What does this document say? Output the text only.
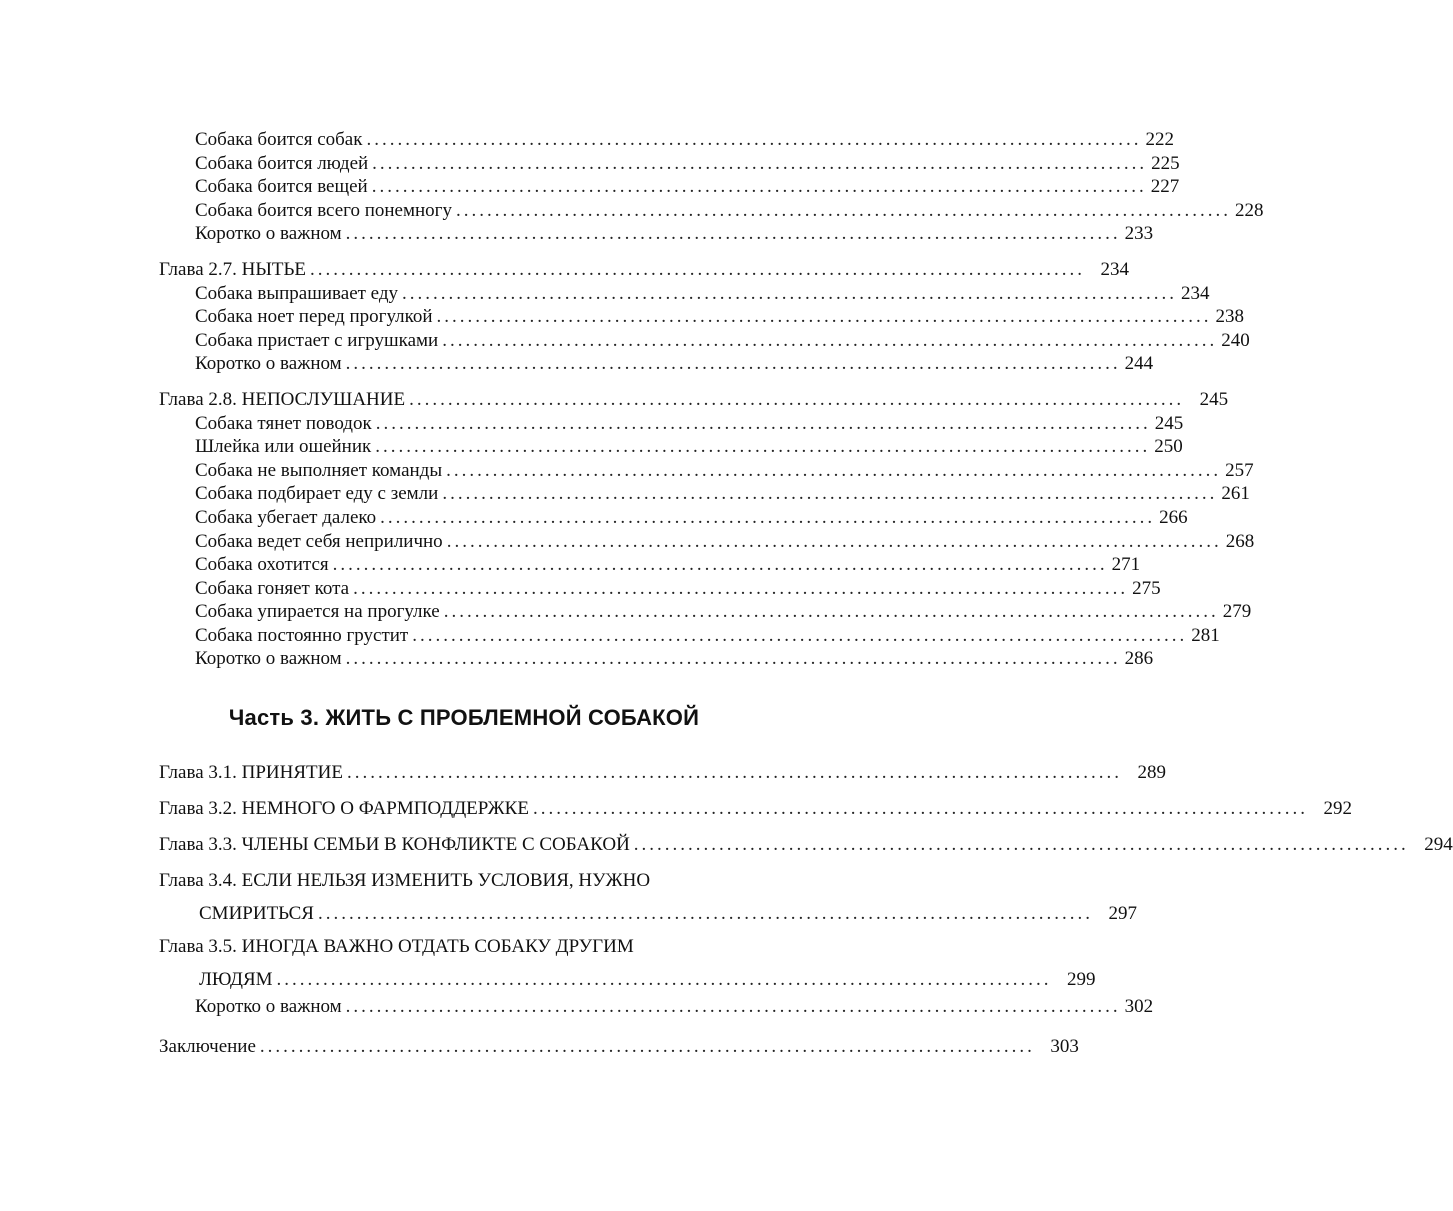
Собака боится собак .................................................................................................... 222
Собака боится людей .................................................................................................... 225
Собака боится вещей .................................................................................................... 227
Собака боится всего понемногу .................................................................................................... 228
Коротко о важном .................................................................................................... 233
Глава 2.7. НЫТЬЕ .................................................................................................... 234
Собака выпрашивает еду .................................................................................................... 234
Собака ноет перед прогулкой .................................................................................................... 238
Собака пристает с игрушками .................................................................................................... 240
Коротко о важном .................................................................................................... 244
Глава 2.8. НЕПОСЛУШАНИЕ .................................................................................................... 245
Собака тянет поводок .................................................................................................... 245
Шлейка или ошейник .................................................................................................... 250
Собака не выполняет команды .................................................................................................... 257
Собака подбирает еду с земли .................................................................................................... 261
Собака убегает далеко .................................................................................................... 266
Собака ведет себя неприлично .................................................................................................... 268
Собака охотится .................................................................................................... 271
Собака гоняет кота .................................................................................................... 275
Собака упирается на прогулке .................................................................................................... 279
Собака постоянно грустит .................................................................................................... 281
Коротко о важном .................................................................................................... 286
Часть 3. ЖИТЬ С ПРОБЛЕМНОЙ СОБАКОЙ
Глава 3.1. ПРИНЯТИЕ .................................................................................................... 289
Глава 3.2. НЕМНОГО О ФАРМПОДДЕРЖКЕ .................................................................................................... 292
Глава 3.3. ЧЛЕНЫ СЕМЬИ В КОНФЛИКТЕ С СОБАКОЙ .................................................................................................... 294
Глава 3.4. ЕСЛИ НЕЛЬЗЯ ИЗМЕНИТЬ УСЛОВИЯ, НУЖНО
СМИРИТЬСЯ .................................................................................................... 297
Глава 3.5. ИНОГДА ВАЖНО ОТДАТЬ СОБАКУ ДРУГИМ
ЛЮДЯМ .................................................................................................... 299
Коротко о важном .................................................................................................... 302
Заключение .................................................................................................... 303
